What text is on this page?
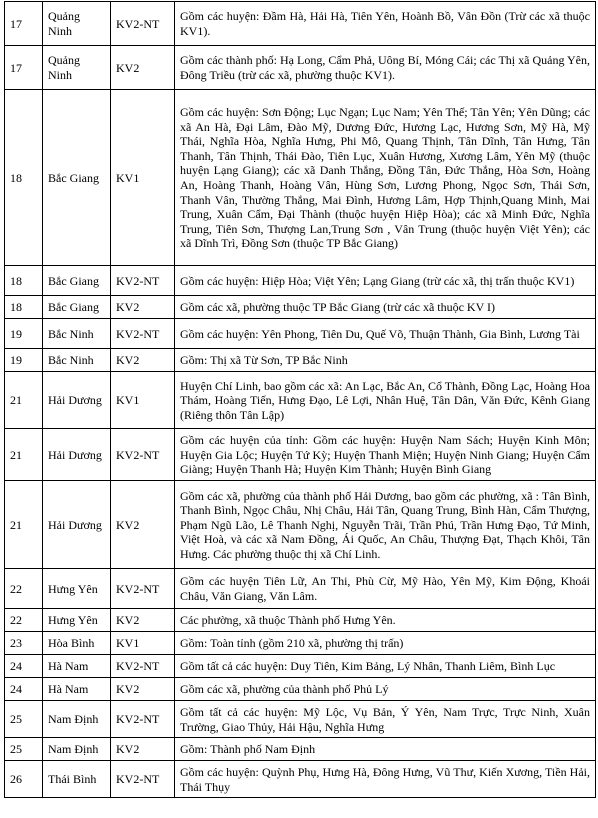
17	Quảng Ninh	KV2-NT	Gồm các huyện: Đầm Hà, Hải Hà, Tiên Yên, Hoành Bồ, Vân Đồn (Trừ các xã thuộc KV1).
17	Quảng Ninh	KV2	Gồm các thành phố: Hạ Long, Cẩm Phả, Uông Bí, Móng Cái; các Thị xã Quảng Yên, Đông Triều (trừ các xã, phường thuộc KV1).
18	Bắc Giang	KV1	Gồm các huyện: Sơn Động; Lục Ngạn; Lục Nam; Yên Thế; Tân Yên; Yên Dũng; các xã An Hà, Đại Lâm, Đào Mỹ, Dương Đức, Hương Lạc, Hương Sơn, Mỹ Hà, Mỹ Thái, Nghĩa Hòa, Nghĩa Hưng, Phi Mô, Quang Thịnh, Tân Dĩnh, Tân Hưng, Tân Thanh, Tân Thịnh, Thái Đào, Tiên Lục, Xuân Hương, Xương Lâm, Yên Mỹ (thuộc huyện Lạng Giang); các xã Danh Thắng, Đồng Tân, Đức Thắng, Hòa Sơn, Hoàng An, Hoàng Thanh, Hoàng Vân, Hùng Sơn, Lương Phong, Ngọc Sơn, Thái Sơn, Thanh Vân, Thường Thắng, Mai Đình, Hương Lâm, Hợp Thịnh,Quang Minh, Mai Trung, Xuân Cẩm, Đại Thành (thuộc huyện Hiệp Hòa); các xã Minh Đức, Nghĩa Trung, Tiên Sơn, Thượng Lan,Trung Sơn , Vân Trung (thuộc huyện Việt Yên); các xã Dĩnh Trì, Đồng Sơn (thuộc TP Bắc Giang)
18	Bắc Giang	KV2-NT	Gồm các huyện: Hiệp Hòa; Việt Yên; Lạng Giang (trừ các xã, thị trấn thuộc KV1)
18	Bắc Giang	KV2	Gồm các xã, phường thuộc TP Bắc Giang (trừ các xã thuộc KV I)
19	Bắc Ninh	KV2-NT	Gồm các huyện: Yên Phong, Tiên Du, Quế Võ, Thuận Thành, Gia Bình, Lương Tài
19	Bắc Ninh	KV2	Gồm: Thị xã Từ Sơn, TP Bắc Ninh
21	Hải Dương	KV1	Huyện Chí Linh, bao gồm các xã: An Lạc, Bắc An, Cổ Thành, Đồng Lạc, Hoàng Hoa Thám, Hoàng Tiến, Hưng Đạo, Lê Lợi, Nhân Huệ, Tân Dân, Văn Đức, Kênh Giang (Riêng thôn Tân Lập)
21	Hải Dương	KV2-NT	Gồm các huyện của tỉnh: Gồm các huyện: Huyện Nam Sách; Huyện Kinh Môn; Huyện Gia Lộc; Huyện Tứ Kỳ; Huyện Thanh Miện; Huyện Ninh Giang; Huyện Cẩm Giàng; Huyện Thanh Hà; Huyện Kim Thành; Huyện Bình Giang
21	Hải Dương	KV2	Gồm các xã, phường của thành phố Hải Dương, bao gồm các phường, xã : Tân Bình, Thanh Bình, Ngọc Châu, Nhị Châu, Hải Tân, Quang Trung, Bình Hàn, Cẩm Thượng, Phạm Ngũ Lão, Lê Thanh Nghị, Nguyễn Trãi, Trần Phú, Trần Hưng Đạo, Tứ Minh, Việt Hoà, và các xã Nam Đồng, Ái Quốc, An Châu, Thượng Đạt, Thạch Khôi, Tân Hưng. Các phường thuộc thị xã Chí Linh.
22	Hưng Yên	KV2-NT	Gồm các huyện Tiên Lữ, An Thi, Phù Cừ, Mỹ Hào, Yên Mỹ, Kim Động, Khoái Châu, Văn Giang, Văn Lâm.
22	Hưng Yên	KV2	Các phường, xã thuộc Thành phố Hưng Yên.
23	Hòa Bình	KV1	Gồm: Toàn tỉnh (gồm 210 xã, phường thị trấn)
24	Hà Nam	KV2-NT	Gồm tất cả các huyện: Duy Tiên, Kim Bảng, Lý Nhân, Thanh Liêm, Bình Lục
24	Hà Nam	KV2	Gồm các xã, phường của thành phố Phủ Lý
25	Nam Định	KV2-NT	Gồm tất cả các huyện: Mỹ Lộc, Vụ Bản, Ý Yên, Nam Trực, Trực Ninh, Xuân Trường, Giao Thủy, Hải Hậu, Nghĩa Hưng
25	Nam Định	KV2	Gồm: Thành phố Nam Định
26	Thái Bình	KV2-NT	Gồm các huyện: Quỳnh Phụ, Hưng Hà, Đông Hưng, Vũ Thư, Kiến Xương, Tiền Hải, Thái Thụy
